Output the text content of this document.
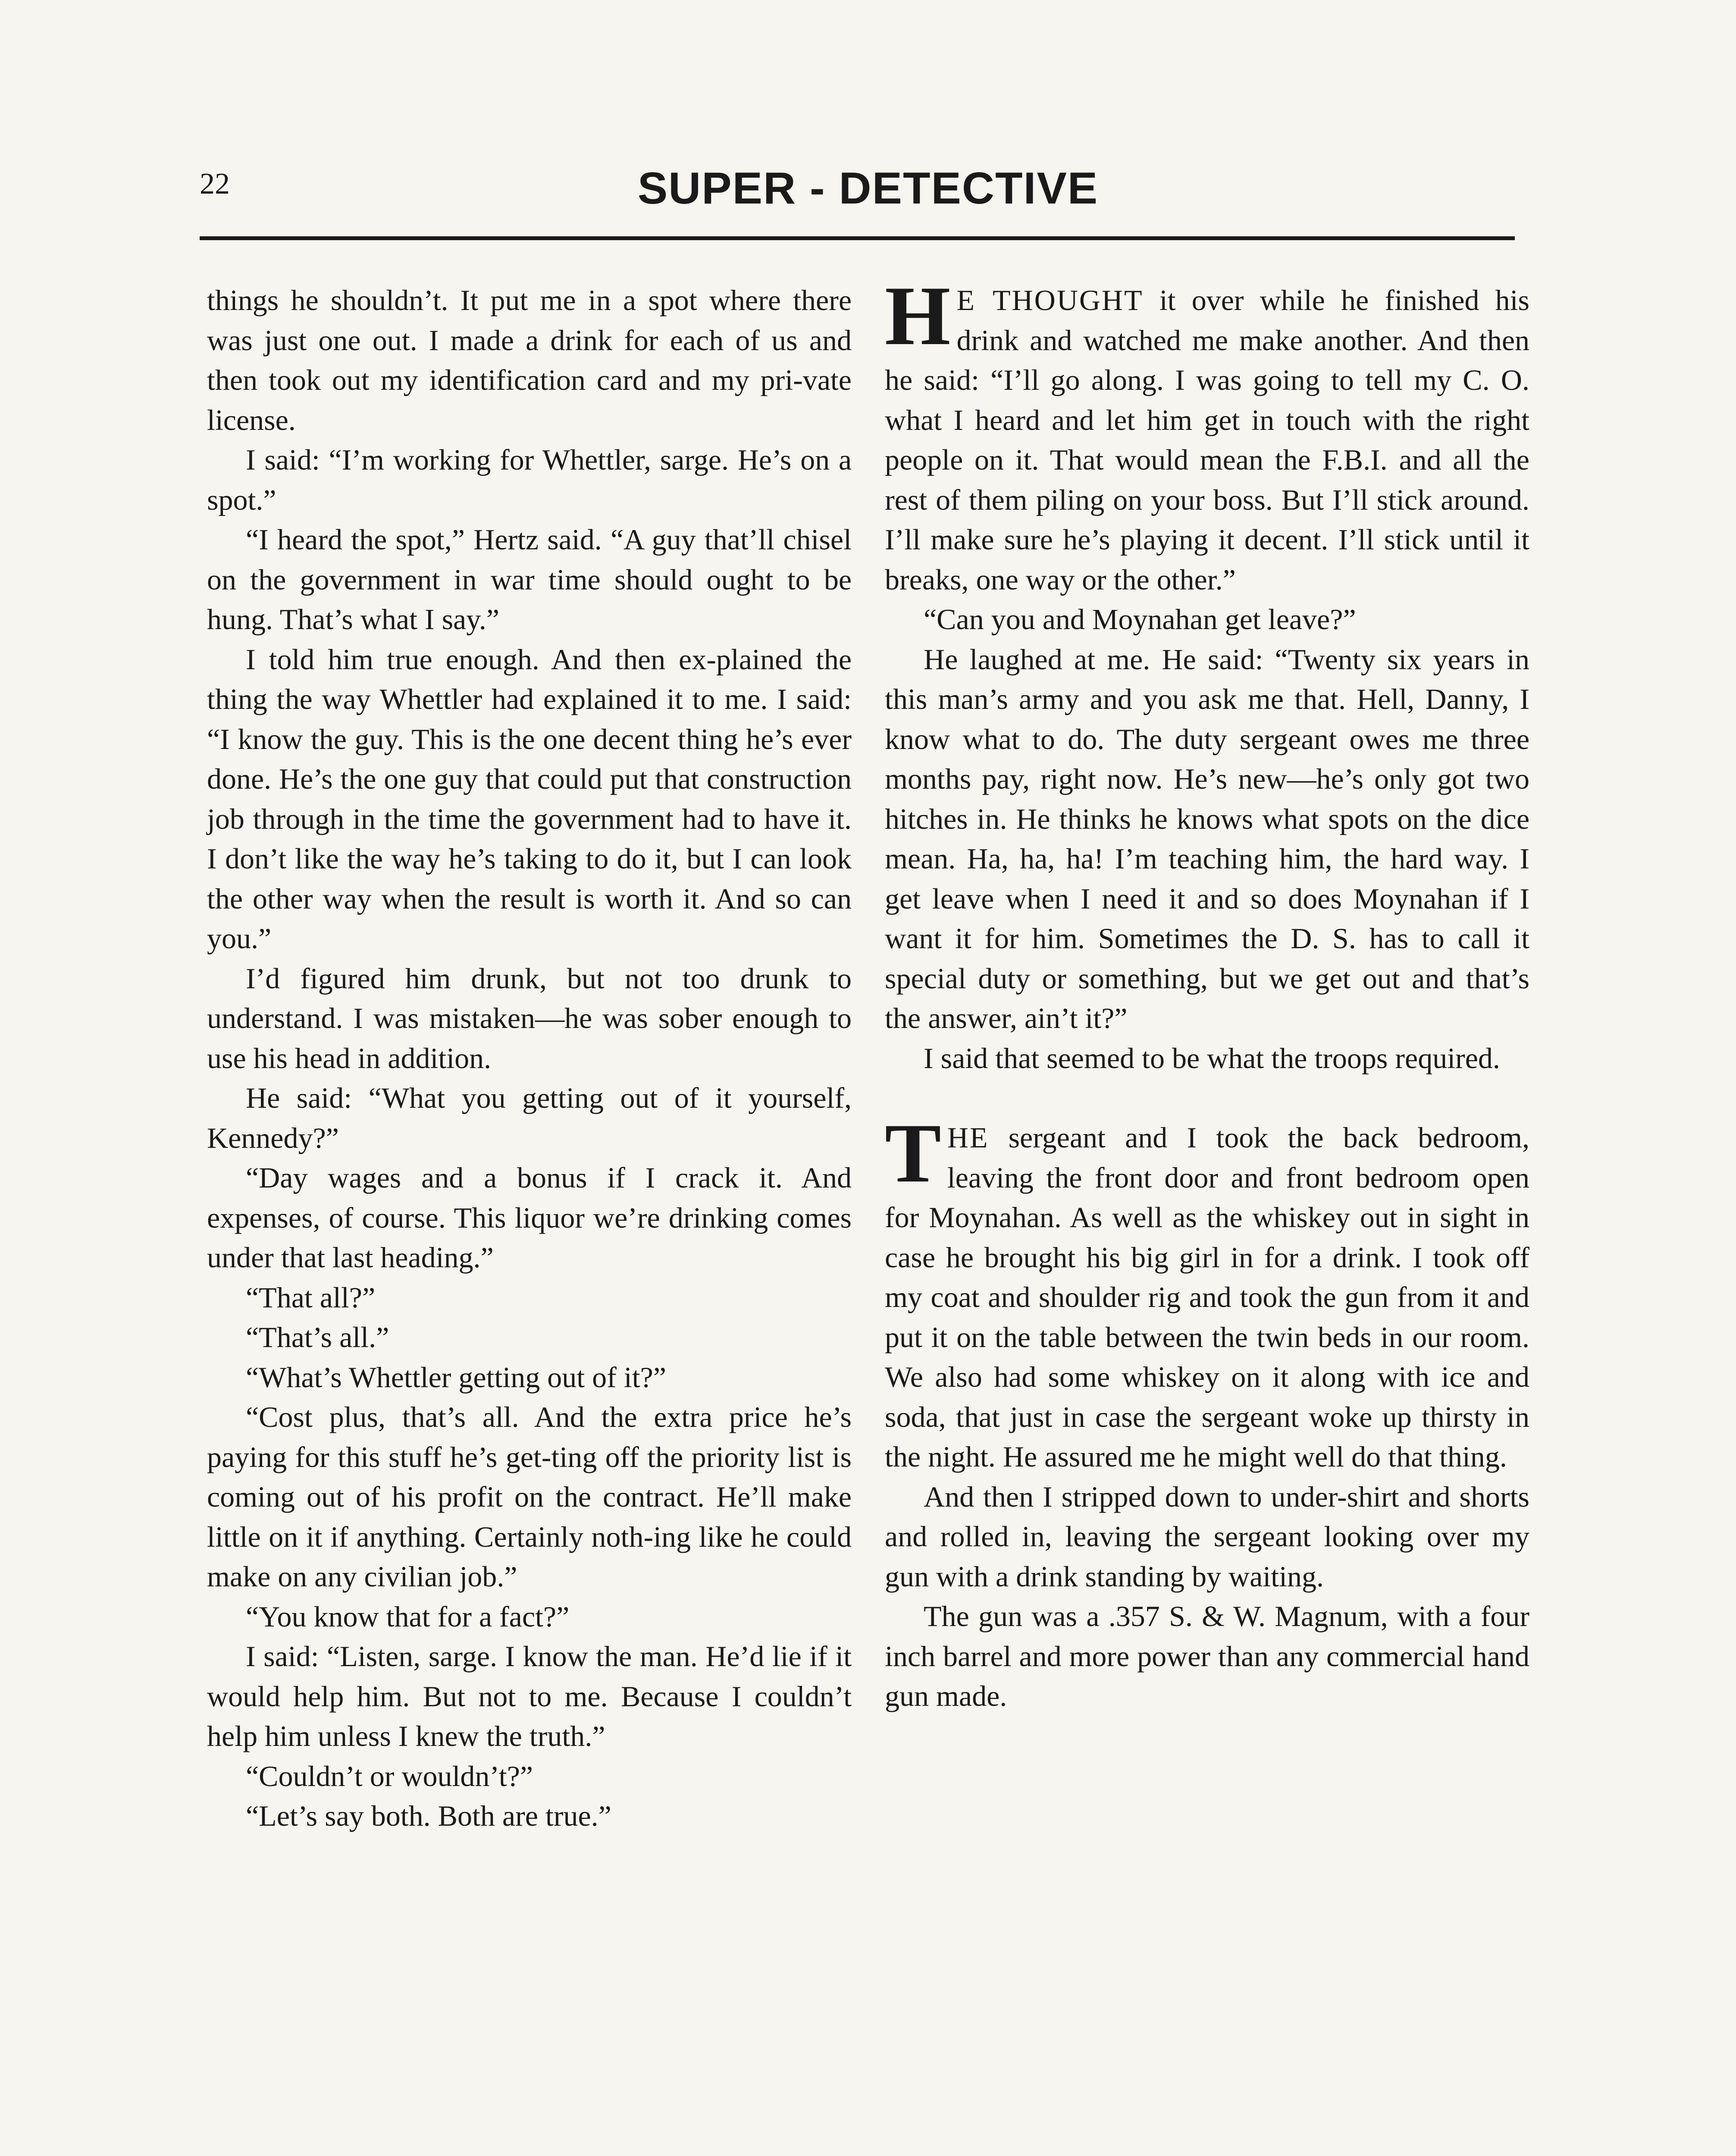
22	SUPER - DETECTIVE

things he shouldn’t. It put me in a spot where there was just one out. I made a drink for each of us and then took out my identification card and my pri-vate license.

I said: “I’m working for Whettler, sarge. He’s on a spot.”

“I heard the spot,” Hertz said. “A guy that’ll chisel on the government in war time should ought to be hung. That’s what I say.”

I told him true enough. And then ex-plained the thing the way Whettler had explained it to me. I said: “I know the guy. This is the one decent thing he’s ever done. He’s the one guy that could put that construction job through in the time the government had to have it. I don’t like the way he’s taking to do it, but I can look the other way when the result is worth it. And so can you.”

I’d figured him drunk, but not too drunk to understand. I was mistaken—he was sober enough to use his head in addition.

He said: “What you getting out of it yourself, Kennedy?”

“Day wages and a bonus if I crack it. And expenses, of course. This liquor we’re drinking comes under that last heading.”

“That all?”

“That’s all.”

“What’s Whettler getting out of it?”

“Cost plus, that’s all. And the extra price he’s paying for this stuff he’s get-ting off the priority list is coming out of his profit on the contract. He’ll make little on it if anything. Certainly noth-ing like he could make on any civilian job.”

“You know that for a fact?”

I said: “Listen, sarge. I know the man. He’d lie if it would help him. But not to me. Because I couldn’t help him unless I knew the truth.”

“Couldn’t or wouldn’t?”

“Let’s say both. Both are true.”

H E THOUGHT it over while he finished his drink and watched me make another. And then he said: “I’ll go along. I was going to tell my C. O. what I heard and let him get in touch with the right people on it. That would mean the F.B.I. and all the rest of them piling on your boss. But I’ll stick around. I’ll make sure he’s playing it decent. I’ll stick until it breaks, one way or the other.”

“Can you and Moynahan get leave?”

He laughed at me. He said: “Twenty six years in this man’s army and you ask me that. Hell, Danny, I know what to do. The duty sergeant owes me three months pay, right now. He’s new—he’s only got two hitches in. He thinks he knows what spots on the dice mean. Ha, ha, ha! I’m teaching him, the hard way. I get leave when I need it and so does Moynahan if I want it for him. Sometimes the D. S. has to call it special duty or something, but we get out and that’s the answer, ain’t it?”

I said that seemed to be what the troops required.

THE sergeant and I took the back bedroom, leaving the front door and front bedroom open for Moynahan. As well as the whiskey out in sight in case he brought his big girl in for a drink. I took off my coat and shoulder rig and took the gun from it and put it on the table between the twin beds in our room. We also had some whiskey on it along with ice and soda, that just in case the sergeant woke up thirsty in the night. He assured me he might well do that thing.

And then I stripped down to under-shirt and shorts and rolled in, leaving the sergeant looking over my gun with a drink standing by waiting.

The gun was a .357 S. & W. Magnum, with a four inch barrel and more power than any commercial hand gun made.
